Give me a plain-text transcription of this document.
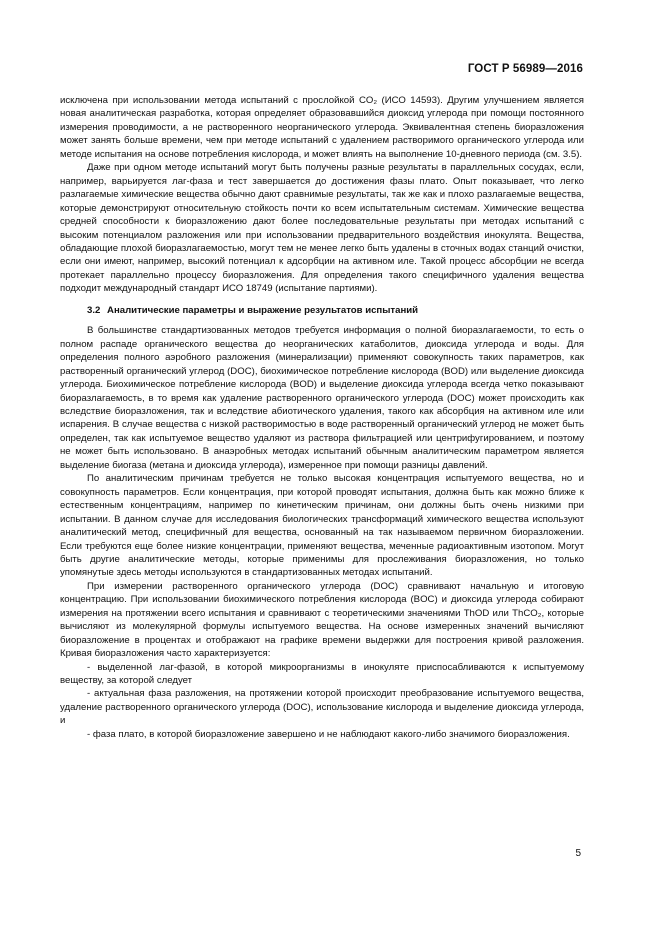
ГОСТ Р 56989—2016

исключена при использовании метода испытаний с прослойкой CO₂ (ИСО 14593). Другим улучшением является новая аналитическая разработка, которая определяет образовавшийся диоксид углерода при помощи постоянного измерения проводимости, а не растворенного неорганического углерода. Эквивалентная степень биоразложения может занять больше времени, чем при методе испытаний с удалением растворимого органического углерода или методе испытания на основе потребления кислорода, и может влиять на выполнение 10-дневного периода (см. 3.5).

Даже при одном методе испытаний могут быть получены разные результаты в параллельных сосудах, если, например, варьируется лаг-фаза и тест завершается до достижения фазы плато. Опыт показывает, что легко разлагаемые химические вещества обычно дают сравнимые результаты, так же как и плохо разлагаемые вещества, которые демонстрируют относительную стойкость почти ко всем испытательным системам. Химические вещества средней способности к биоразложению дают более последовательные результаты при методах испытаний с высоким потенциалом разложения или при использовании предварительного воздействия инокулята. Вещества, обладающие плохой биоразлагаемостью, могут тем не менее легко быть удалены в сточных водах станций очистки, если они имеют, например, высокий потенциал к адсорбции на активном иле. Такой процесс абсорбции не всегда протекает параллельно процессу биоразложения. Для определения такого специфичного удаления вещества подходит международный стандарт ИСО 18749 (испытание партиями).

3.2 Аналитические параметры и выражение результатов испытаний

В большинстве стандартизованных методов требуется информация о полной биоразлагаемости, то есть о полном распаде органического вещества до неорганических катаболитов, диоксида углерода и воды. Для определения полного аэробного разложения (минерализации) применяют совокупность таких параметров, как растворенный органический углерод (DOC), биохимическое потребление кислорода (BOD) или выделение диоксида углерода. Биохимическое потребление кислорода (BOD) и выделение диоксида углерода всегда четко показывают биоразлагаемость, в то время как удаление растворенного органического углерода (DOC) может происходить как вследствие биоразложения, так и вследствие абиотического удаления, такого как абсорбция на активном иле или испарения. В случае вещества с низкой растворимостью в воде растворенный органический углерод не может быть определен, так как испытуемое вещество удаляют из раствора фильтрацией или центрифугированием, и поэтому не может быть использовано. В анаэробных методах испытаний обычным аналитическим параметром является выделение биогаза (метана и диоксида углерода), измеренное при помощи разницы давлений.

По аналитическим причинам требуется не только высокая концентрация испытуемого вещества, но и совокупность параметров. Если концентрация, при которой проводят испытания, должна быть как можно ближе к естественным концентрациям, например по кинетическим причинам, они должны быть очень низкими при испытании. В данном случае для исследования биологических трансформаций химического вещества используют аналитический метод, специфичный для вещества, основанный на так называемом первичном биоразложении. Если требуются еще более низкие концентрации, применяют вещества, меченные радиоактивным изотопом. Могут быть другие аналитические методы, которые применимы для прослеживания биоразложения, но только упомянутые здесь методы используются в стандартизованных методах испытаний.

При измерении растворенного органического углерода (DOC) сравнивают начальную и итоговую концентрацию. При использовании биохимического потребления кислорода (BOC) и диоксида углерода собирают измерения на протяжении всего испытания и сравнивают с теоретическими значениями ThOD или ThCO₂, которые вычисляют из молекулярной формулы испытуемого вещества. На основе измеренных значений вычисляют биоразложение в процентах и отображают на графике времени выдержки для построения кривой разложения. Кривая биоразложения часто характеризуется:

- выделенной лаг-фазой, в которой микроорганизмы в инокуляте приспосабливаются к испытуемому веществу, за которой следует

- актуальная фаза разложения, на протяжении которой происходит преобразование испытуемого вещества, удаление растворенного органического углерода (DOC), использование кислорода и выделение диоксида углерода, и

- фаза плато, в которой биоразложение завершено и не наблюдают какого-либо значимого биоразложения.

5
